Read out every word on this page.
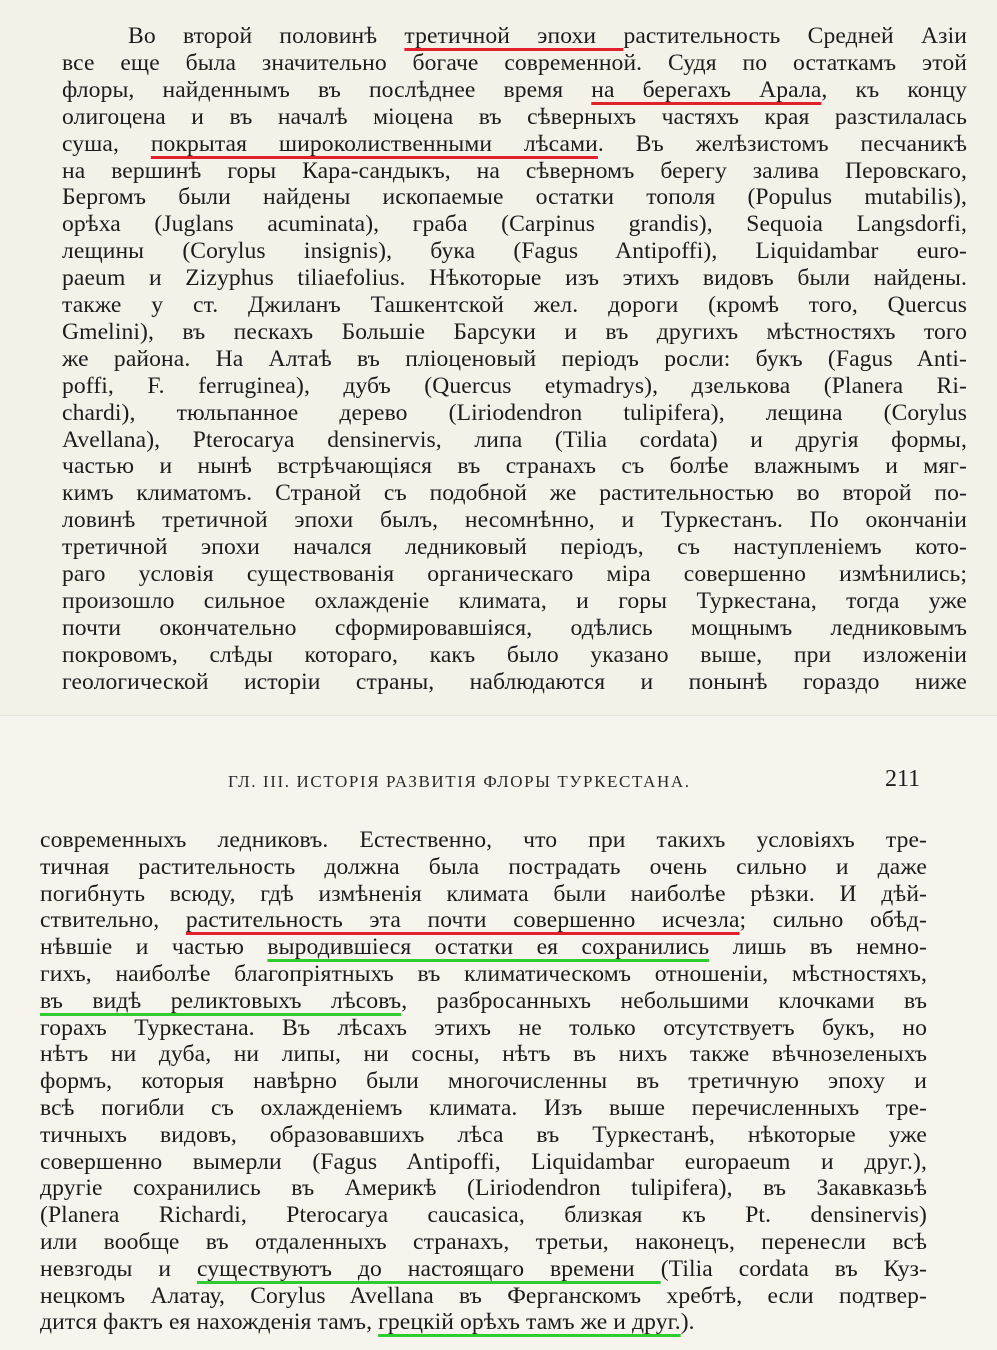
Во второй половинѣ третичной эпохи растительность Средней Азіи
все еще была значительно богаче современной. Судя по остаткамъ этой
флоры, найденнымъ въ послѣднее время на берегахъ Арала, къ концу
олигоцена и въ началѣ міоцена въ сѣверныхъ частяхъ края разстилалась
суша, покрытая широколиственными лѣсами. Въ желѣзистомъ песчаникѣ
на вершинѣ горы Кара-сандыкъ, на сѣверномъ берегу залива Перовскаго,
Бергомъ были найдены ископаемые остатки тополя (Populus mutabilis),
орѣха (Juglans acuminata), граба (Carpinus grandis), Sequoia Langsdorfi,
лещины (Corylus insignis), бука (Fagus Antipoffi), Liquidambar euro-
paeum и Zizyphus tiliaefolius. Нѣкоторые изъ этихъ видовъ были найдены.
также у ст. Джиланъ Ташкентской жел. дороги (кромѣ того, Quercus
Gmelini), въ пескахъ Большіе Барсуки и въ другихъ мѣстностяхъ того
же района. На Алтаѣ въ пліоценовый періодъ росли: букъ (Fagus Anti-
poffi, F. ferruginea), дубъ (Quercus etymadrys), дзелькова (Planera Ri-
chardi), тюльпанное дерево (Liriodendron tulipifera), лещина (Corylus
Avellana), Pterocarya densinervis, липа (Tilia cordata) и другія формы,
частью и нынѣ встрѣчающіяся въ странахъ съ болѣе влажнымъ и мяг-
кимъ климатомъ. Страной съ подобной же растительностью во второй по-
ловинѣ третичной эпохи былъ, несомнѣнно, и Туркестанъ. По окончаніи
третичной эпохи начался ледниковый періодъ, съ наступленіемъ кото-
раго условія существованія органическаго міра совершенно измѣнились;
произошло сильное охлажденіе климата, и горы Туркестана, тогда уже
почти окончательно сформировавшіяся, одѣлись мощнымъ ледниковымъ
покровомъ, слѣды котораго, какъ было указано выше, при изложеніи
геологической исторіи страны, наблюдаются и понынѣ гораздо ниже
ГЛ. III. ИСТОРІЯ РАЗВИТІЯ ФЛОРЫ ТУРКЕСТАНА.	211
современныхъ ледниковъ. Естественно, что при такихъ условіяхъ тре-
тичная растительность должна была пострадать очень сильно и даже
погибнуть всюду, гдѣ измѣненія климата были наиболѣе рѣзки. И дѣй-
ствительно, растительность эта почти совершенно исчезла; сильно обѣд-
нѣвшіе и частью выродившіеся остатки ея сохранились лишь въ немно-
гихъ, наиболѣе благопріятныхъ въ климатическомъ отношеніи, мѣстностяхъ,
въ видѣ реликтовыхъ лѣсовъ, разбросанныхъ небольшими клочками въ
горахъ Туркестана. Въ лѣсахъ этихъ не только отсутствуетъ букъ, но
нѣтъ ни дуба, ни липы, ни сосны, нѣтъ въ нихъ также вѣчнозеленыхъ
формъ, которыя навѣрно были многочисленны въ третичную эпоху и
всѣ погибли съ охлажденіемъ климата. Изъ выше перечисленныхъ тре-
тичныхъ видовъ, образовавшихъ лѣса въ Туркестанѣ, нѣкоторые уже
совершенно вымерли (Fagus Antipoffi, Liquidambar europaeum и друг.),
другіе сохранились въ Америкѣ (Liriodendron tulipifera), въ Закавказьѣ
(Planera Richardi, Pterocarya caucasica, близкая къ Pt. densinervis)
или вообще въ отдаленныхъ странахъ, третьи, наконецъ, перенесли всѣ
невзгоды и существуютъ до настоящаго времени (Tilia cordata въ Куз-
нецкомъ Алатау, Corylus Avellana въ Ферганскомъ хребтѣ, если подтвер-
дится фактъ ея нахожденія тамъ, грецкій орѣхъ тамъ же и друг.).
